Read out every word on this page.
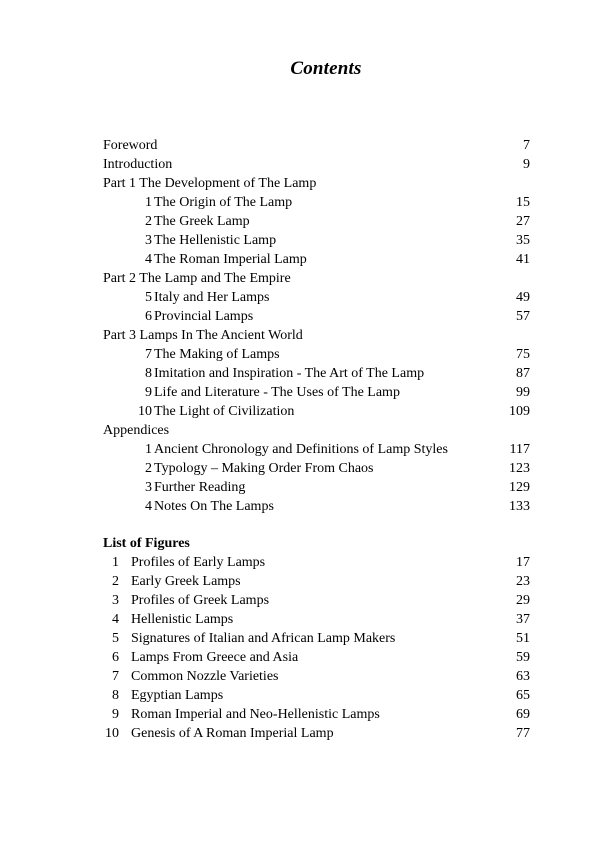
Contents
Foreword	7
Introduction	9
Part 1 The Development of The Lamp
1 The Origin of The Lamp	15
2 The Greek Lamp	27
3 The Hellenistic Lamp	35
4 The Roman Imperial Lamp	41
Part 2 The Lamp and The Empire
5 Italy and Her Lamps	49
6 Provincial Lamps	57
Part 3 Lamps In The Ancient World
7 The Making of Lamps	75
8 Imitation and Inspiration - The Art of The Lamp	87
9 Life and Literature - The Uses of The Lamp	99
10 The Light of Civilization	109
Appendices
1 Ancient Chronology and Definitions of Lamp Styles	117
2 Typology – Making Order From Chaos	123
3 Further Reading	129
4 Notes On The Lamps	133
List of Figures
1 Profiles of Early Lamps	17
2 Early Greek Lamps	23
3 Profiles of Greek Lamps	29
4 Hellenistic Lamps	37
5 Signatures of Italian and African Lamp Makers	51
6 Lamps From Greece and Asia	59
7 Common Nozzle Varieties	63
8 Egyptian Lamps	65
9 Roman Imperial and Neo-Hellenistic Lamps	69
10 Genesis of A Roman Imperial Lamp	77
